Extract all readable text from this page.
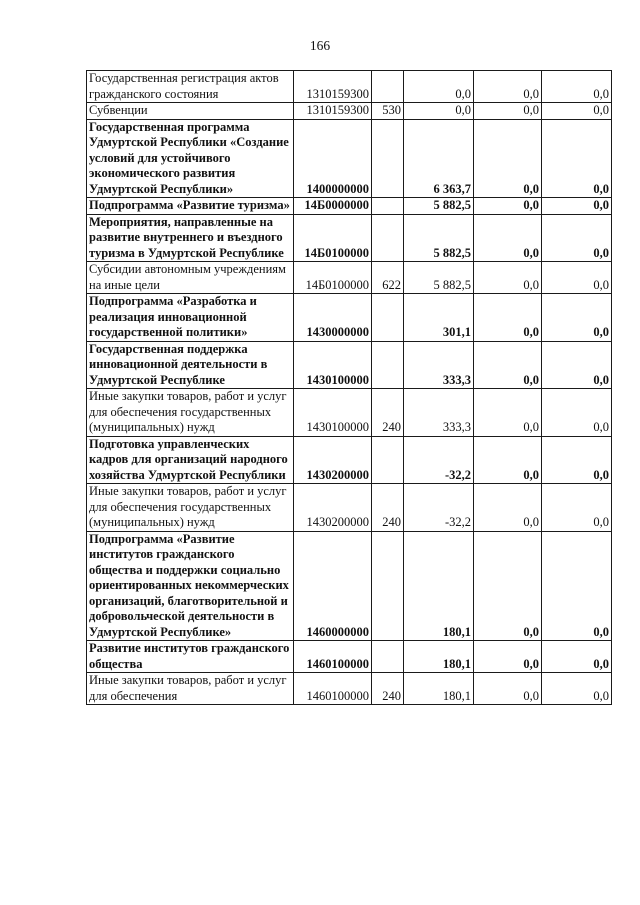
166
Государственная регистрация актов гражданского состояния	1310159300		0,0	0,0	0,0
Субвенции	1310159300	530	0,0	0,0	0,0
Государственная программа Удмуртской Республики «Создание условий для устойчивого экономического развития Удмуртской Республики»	1400000000		6 363,7	0,0	0,0
Подпрограмма «Развитие туризма»	14Б0000000		5 882,5	0,0	0,0
Мероприятия, направленные на развитие внутреннего и въездного туризма в Удмуртской Республике	14Б0100000		5 882,5	0,0	0,0
Субсидии автономным учреждениям на иные цели	14Б0100000	622	5 882,5	0,0	0,0
Подпрограмма «Разработка и реализация инновационной государственной политики»	1430000000		301,1	0,0	0,0
Государственная поддержка инновационной деятельности в Удмуртской Республике	1430100000		333,3	0,0	0,0
Иные закупки товаров, работ и услуг для обеспечения государственных (муниципальных) нужд	1430100000	240	333,3	0,0	0,0
Подготовка управленческих кадров для организаций народного хозяйства Удмуртской Республики	1430200000		-32,2	0,0	0,0
Иные закупки товаров, работ и услуг для обеспечения государственных (муниципальных) нужд	1430200000	240	-32,2	0,0	0,0
Подпрограмма «Развитие институтов гражданского общества и поддержки социально ориентированных некоммерческих организаций, благотворительной и добровольческой деятельности в Удмуртской Республике»	1460000000		180,1	0,0	0,0
Развитие институтов гражданского общества	1460100000		180,1	0,0	0,0
Иные закупки товаров, работ и услуг для обеспечения	1460100000	240	180,1	0,0	0,0
